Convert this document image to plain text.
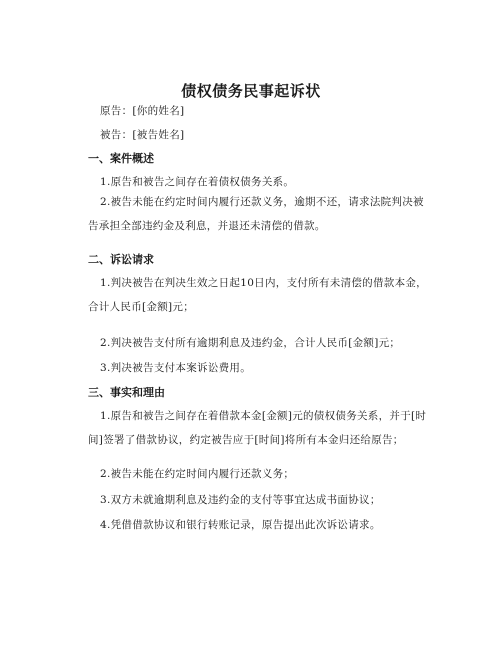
债权债务民事起诉状
原告：[你的姓名]
被告：[被告姓名]
一、案件概述
1.原告和被告之间存在着债权债务关系。
2.被告未能在约定时间内履行还款义务，逾期不还，请求法院判决被告承担全部违约金及利息，并退还未清偿的借款。
二、诉讼请求
1.判决被告在判决生效之日起10日内，支付所有未清偿的借款本金，合计人民币[金额]元；
2.判决被告支付所有逾期利息及违约金，合计人民币[金额]元；
3.判决被告支付本案诉讼费用。
三、事实和理由
1.原告和被告之间存在着借款本金[金额]元的债权债务关系，并于[时间]签署了借款协议，约定被告应于[时间]将所有本金归还给原告；
2.被告未能在约定时间内履行还款义务；
3.双方未就逾期利息及违约金的支付等事宜达成书面协议；
4.凭借借款协议和银行转账记录，原告提出此次诉讼请求。
